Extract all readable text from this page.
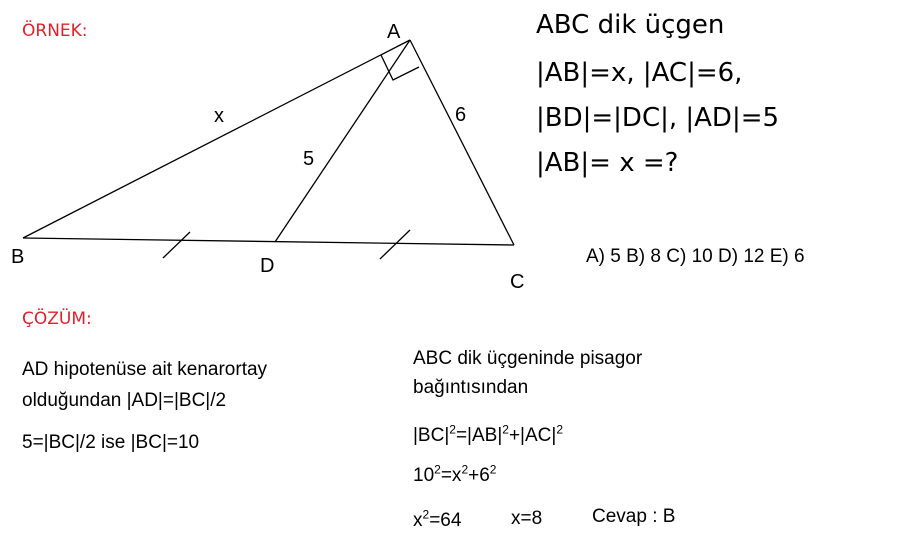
ÖRNEK:
ÇÖZÜM:
A
B
C
D
x	6
5
ABC dik üçgen
|AB|=x, |AC|=6,
|BD|=|DC|, |AD|=5
|AB|= x =?
A) 5 B) 8 C) 10 D) 12 E) 6
AD hipotenüse ait kenarortay
olduğundan |AD|=|BC|/2
5=|BC|/2 ise |BC|=10
ABC dik üçgeninde pisagor
bağıntısından
$|BC|^2=|AB|^2+|AC|^2$
$10^2=x^2+6^2$
$x^2=64$	x=8	Cevap : B
